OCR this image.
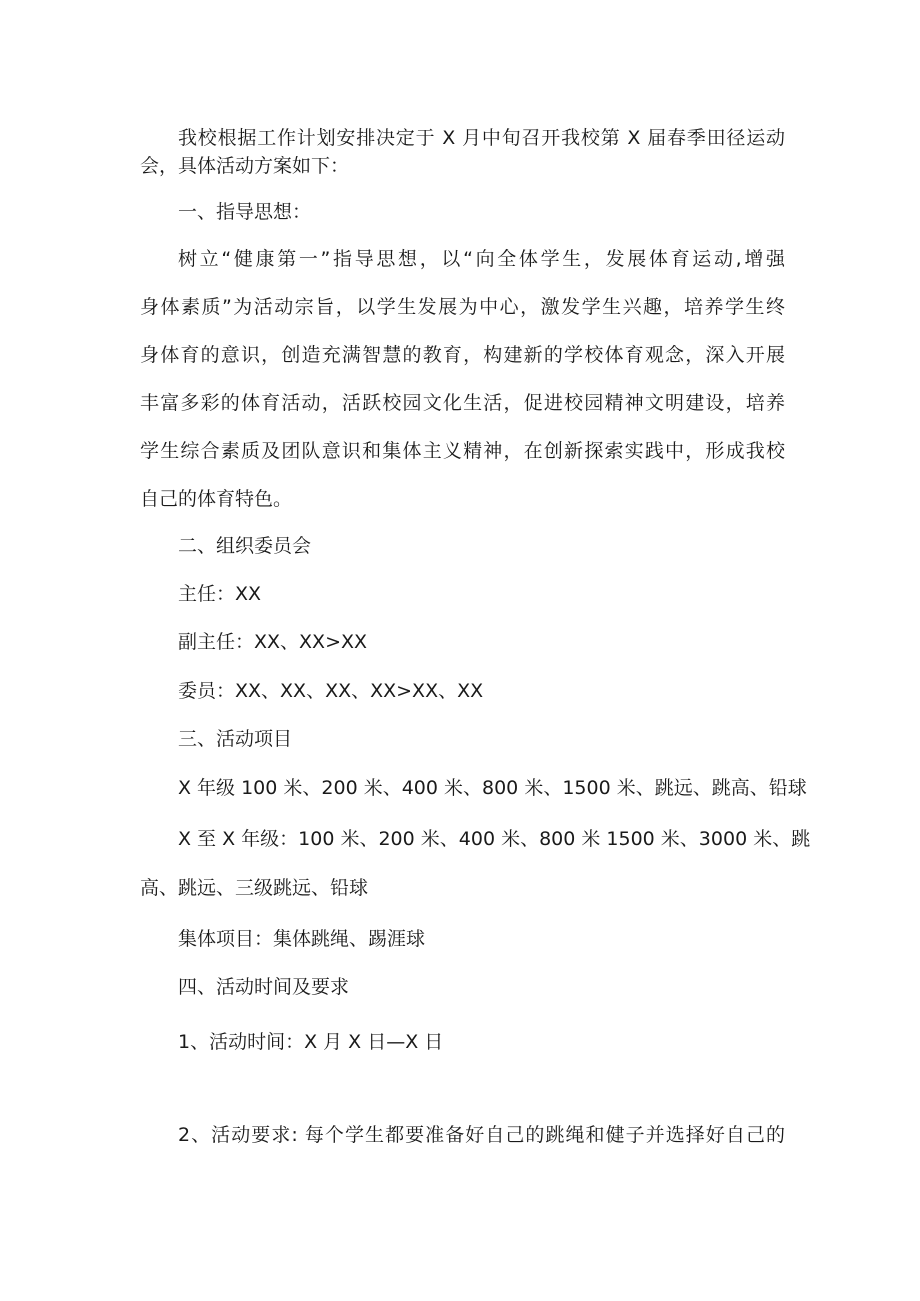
我校根据工作计划安排决定于 X 月中旬召开我校第 X 届春季田径运动
会，具体活动方案如下：
一、指导思想：
树立“健康第一”指导思想，以“向全体学生，发展体育运动,增强
身体素质”为活动宗旨，以学生发展为中心，激发学生兴趣，培养学生终
身体育的意识，创造充满智慧的教育，构建新的学校体育观念，深入开展
丰富多彩的体育活动，活跃校园文化生活，促进校园精神文明建设，培养
学生综合素质及团队意识和集体主义精神，在创新探索实践中，形成我校
自己的体育特色。
二、组织委员会
主任：XX
副主任：XX、XX>XX
委员：XX、XX、XX、XX>XX、XX
三、活动项目
X 年级 100 米、200 米、400 米、800 米、1500 米、跳远、跳高、铅球
X 至 X 年级：100 米、200 米、400 米、800 米 1500 米、3000 米、跳
高、跳远、三级跳远、铅球
集体项目：集体跳绳、踢涯球
四、活动时间及要求
1、活动时间：X 月 X 日—X 日
2、活动要求: 每个学生都要准备好自己的跳绳和健子并选择好自己的
